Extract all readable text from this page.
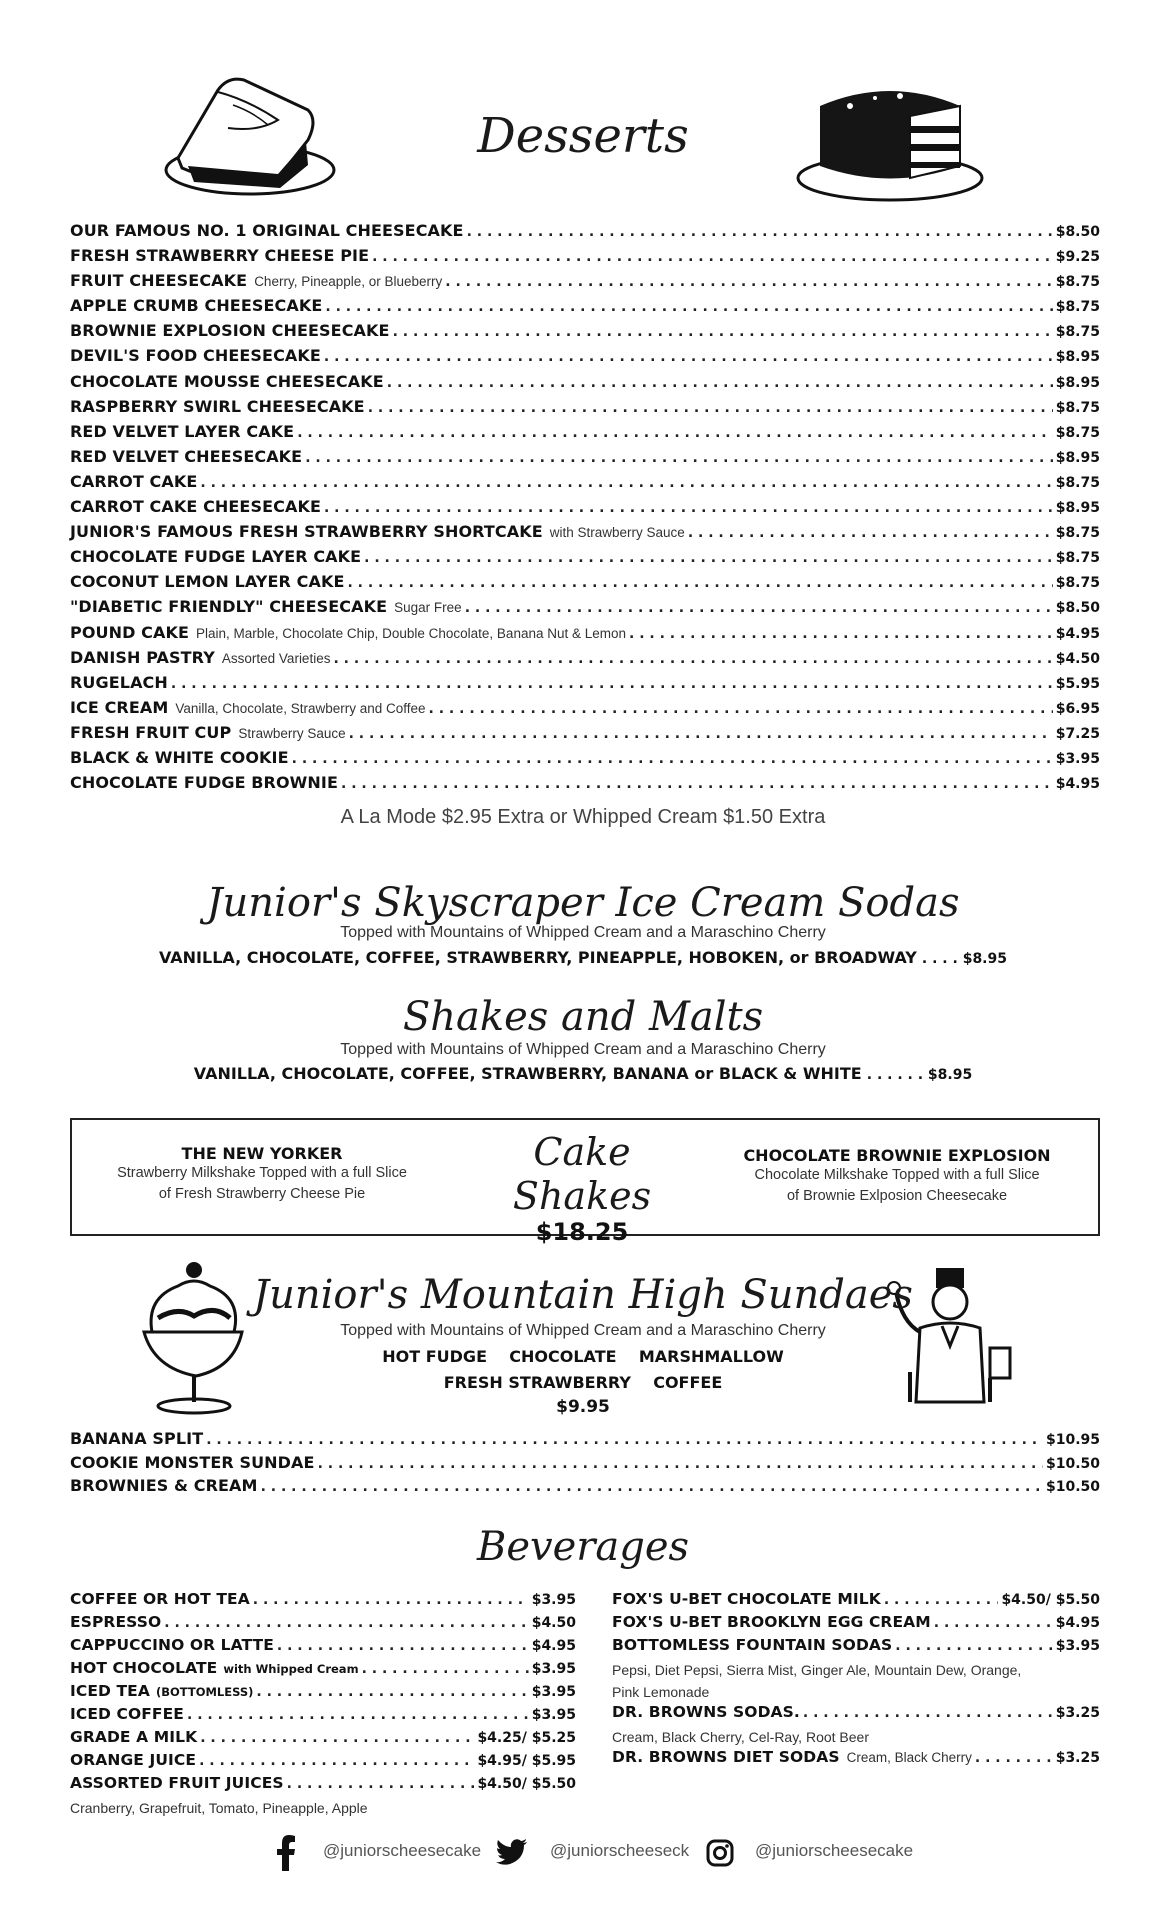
Desserts
OUR FAMOUS NO. 1 ORIGINAL CHEESECAKE . . .	$8.50
FRESH STRAWBERRY CHEESE PIE . . .	$9.25
FRUIT CHEESECAKE Cherry, Pineapple, or Blueberry . . .	$8.75
APPLE CRUMB CHEESECAKE . . .	$8.75
BROWNIE EXPLOSION CHEESECAKE . . .	$8.75
DEVIL'S FOOD CHEESECAKE . . .	$8.95
CHOCOLATE MOUSSE CHEESECAKE . . .	$8.95
RASPBERRY SWIRL CHEESECAKE . . .	$8.75
RED VELVET LAYER CAKE . . .	$8.75
RED VELVET CHEESECAKE . . .	$8.95
CARROT CAKE . . .	$8.75
CARROT CAKE CHEESECAKE . . .	$8.95
JUNIOR'S FAMOUS FRESH STRAWBERRY SHORTCAKE with Strawberry Sauce . . .	$8.75
CHOCOLATE FUDGE LAYER CAKE . . .	$8.75
COCONUT LEMON LAYER CAKE . . .	$8.75
"DIABETIC FRIENDLY" CHEESECAKE Sugar Free . . .	$8.50
POUND CAKE Plain, Marble, Chocolate Chip, Double Chocolate, Banana Nut & Lemon . . .	$4.95
DANISH PASTRY Assorted Varieties . . .	$4.50
RUGELACH . . .	$5.95
ICE CREAM Vanilla, Chocolate, Strawberry and Coffee . . .	$6.95
FRESH FRUIT CUP Strawberry Sauce . . .	$7.25
BLACK & WHITE COOKIE . . .	$3.95
CHOCOLATE FUDGE BROWNIE . . .	$4.95
A La Mode $2.95 Extra or Whipped Cream $1.50 Extra
Junior's Skyscraper Ice Cream Sodas
Topped with Mountains of Whipped Cream and a Maraschino Cherry
VANILLA, CHOCOLATE, COFFEE, STRAWBERRY, PINEAPPLE, HOBOKEN, or BROADWAY . . . . $8.95
Shakes and Malts
Topped with Mountains of Whipped Cream and a Maraschino Cherry
VANILLA, CHOCOLATE, COFFEE, STRAWBERRY, BANANA or BLACK & WHITE . . . . . . $8.95
THE NEW YORKER
Strawberry Milkshake Topped with a full Slice
of Fresh Strawberry Cheese Pie
Cake Shakes
$18.25
CHOCOLATE BROWNIE EXPLOSION
Chocolate Milkshake Topped with a full Slice
of Brownie Exlposion Cheesecake
Junior's Mountain High Sundaes
Topped with Mountains of Whipped Cream and a Maraschino Cherry
HOT FUDGE    CHOCOLATE    MARSHMALLOW
FRESH STRAWBERRY    COFFEE
$9.95
BANANA SPLIT . . .	$10.95
COOKIE MONSTER SUNDAE . . .	$10.50
BROWNIES & CREAM . . .	$10.50
Beverages
COFFEE OR HOT TEA . . .	$3.95
ESPRESSO . . .	$4.50
CAPPUCCINO OR LATTE . . .	$4.95
HOT CHOCOLATE with Whipped Cream . . .	$3.95
ICED TEA (BOTTOMLESS) . . .	$3.95
ICED COFFEE . . .	$3.95
GRADE A MILK . . .	$4.25/ $5.25
ORANGE JUICE . . .	$4.95/ $5.95
ASSORTED FRUIT JUICES . . .	$4.50/ $5.50
Cranberry, Grapefruit, Tomato, Pineapple, Apple
FOX'S U-BET CHOCOLATE MILK . . .	$4.50/ $5.50
FOX'S U-BET BROOKLYN EGG CREAM . . .	$4.95
BOTTOMLESS FOUNTAIN SODAS . . .	$3.95
Pepsi, Diet Pepsi, Sierra Mist, Ginger Ale, Mountain Dew, Orange,
Pink Lemonade
DR. BROWNS SODAS. . . .	$3.25
Cream, Black Cherry, Cel-Ray, Root Beer
DR. BROWNS DIET SODAS Cream, Black Cherry . . .	$3.25
@juniorscheesecake	@juniorscheeseck	@juniorscheesecake
